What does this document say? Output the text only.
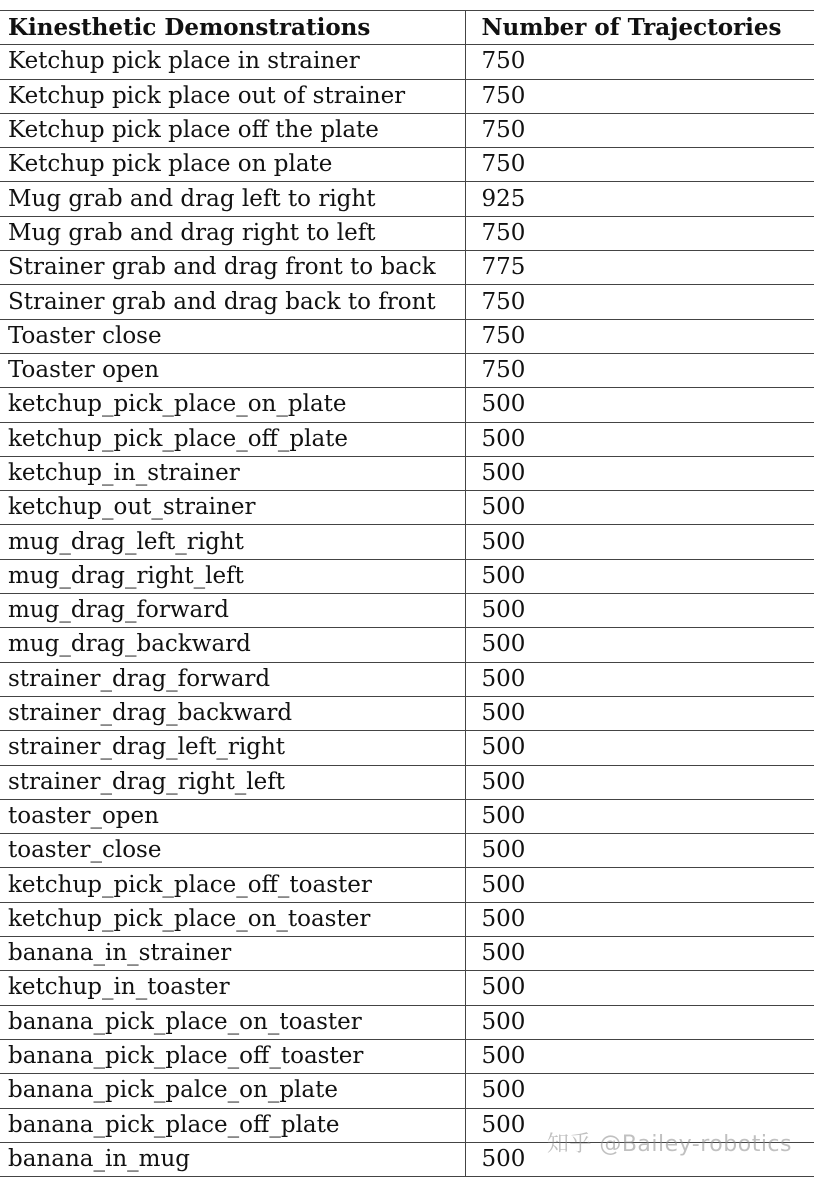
Kinesthetic Demonstrations	Number of Trajectories
Ketchup pick place in strainer	750
Ketchup pick place out of strainer	750
Ketchup pick place off the plate	750
Ketchup pick place on plate	750
Mug grab and drag left to right	925
Mug grab and drag right to left	750
Strainer grab and drag front to back	775
Strainer grab and drag back to front	750
Toaster close	750
Toaster open	750
ketchup_pick_place_on_plate	500
ketchup_pick_place_off_plate	500
ketchup_in_strainer	500
ketchup_out_strainer	500
mug_drag_left_right	500
mug_drag_right_left	500
mug_drag_forward	500
mug_drag_backward	500
strainer_drag_forward	500
strainer_drag_backward	500
strainer_drag_left_right	500
strainer_drag_right_left	500
toaster_open	500
toaster_close	500
ketchup_pick_place_off_toaster	500
ketchup_pick_place_on_toaster	500
banana_in_strainer	500
ketchup_in_toaster	500
banana_pick_place_on_toaster	500
banana_pick_place_off_toaster	500
banana_pick_palce_on_plate	500
banana_pick_place_off_plate	500
banana_in_mug	500
知乎 @Bailey-robotics
